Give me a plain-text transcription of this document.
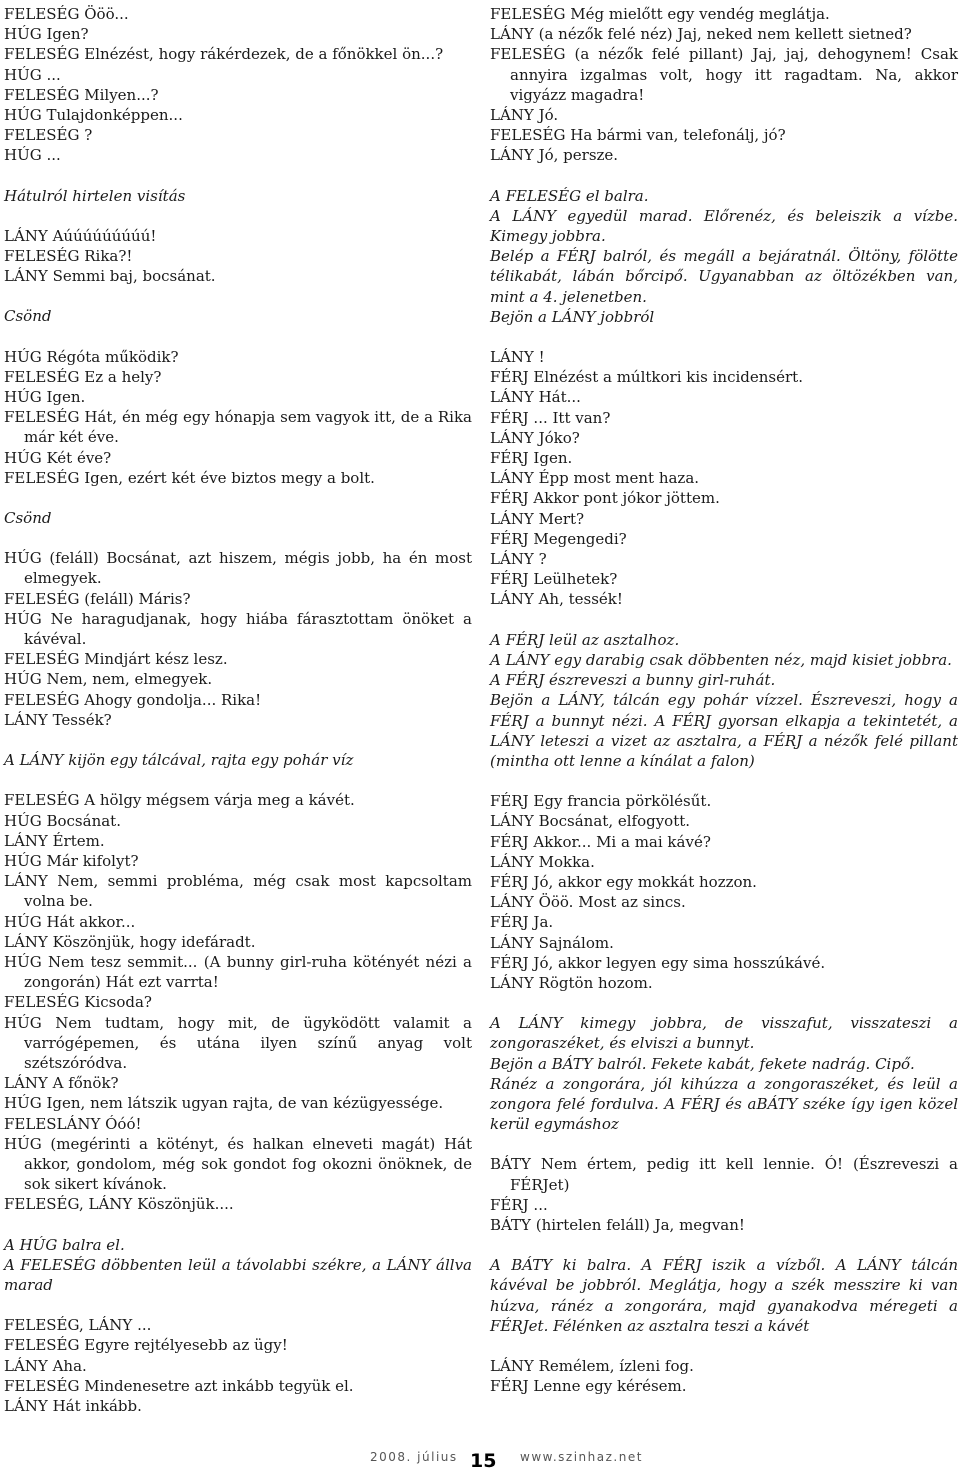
FELESÉG Ööö...

HÚG Igen?

FELESÉG Elnézést, hogy rákérdezek, de a főnökkel ön...?

HÚG ...

FELESÉG Milyen...?

HÚG Tulajdonképpen...

FELESÉG ?

HÚG ...

Hátulról hirtelen visítás

LÁNY Aúúúúúúúúú!

FELESÉG Rika?!

LÁNY Semmi baj, bocsánat.

Csönd

HÚG Régóta működik?

FELESÉG Ez a hely?

HÚG Igen.

FELESÉG Hát, én még egy hónapja sem vagyok itt, de a Rika már két éve.

HÚG Két éve?

FELESÉG Igen, ezért két éve biztos megy a bolt.

Csönd

HÚG (feláll) Bocsánat, azt hiszem, mégis jobb, ha én most elmegyek.

FELESÉG (feláll) Máris?

HÚG Ne haragudjanak, hogy hiába fárasztottam önöket a kávéval.

FELESÉG Mindjárt kész lesz.

HÚG Nem, nem, elmegyek.

FELESÉG Ahogy gondolja... Rika!

LÁNY Tessék?

A LÁNY kijön egy tálcával, rajta egy pohár víz

FELESÉG A hölgy mégsem várja meg a kávét.

HÚG Bocsánat.

LÁNY Értem.

HÚG Már kifolyt?

LÁNY Nem, semmi probléma, még csak most kapcsoltam volna be.

HÚG Hát akkor...

LÁNY Köszönjük, hogy idefáradt.

HÚG Nem tesz semmit... (A bunny girl-ruha kötényét nézi a zongorán) Hát ezt varrta!

FELESÉG Kicsoda?

HÚG Nem tudtam, hogy mit, de ügyködött valamit a varrógépemen, és utána ilyen színű anyag volt szétszóródva.

LÁNY A főnök?

HÚG Igen, nem látszik ugyan rajta, de van kézügyessége.

FELESLÁNY Óóó!

HÚG (megérinti a kötényt, és halkan elneveti magát) Hát akkor, gondolom, még sok gondot fog okozni önöknek, de sok sikert kívánok.

FELESÉG, LÁNY Köszönjük....

A HÚG balra el.

A FELESÉG döbbenten leül a távolabbi székre, a LÁNY állva marad

FELESÉG, LÁNY ...

FELESÉG Egyre rejtélyesebb az ügy!

LÁNY Aha.

FELESÉG Mindenesetre azt inkább tegyük el.

LÁNY Hát inkább.

FELESÉG Még mielőtt egy vendég meglátja.

LÁNY (a nézők felé néz) Jaj, neked nem kellett sietned?

FELESÉG (a nézők felé pillant) Jaj, jaj, dehogynem! Csak annyira izgalmas volt, hogy itt ragadtam. Na, akkor vigyázz magadra!

LÁNY Jó.

FELESÉG Ha bármi van, telefonálj, jó?

LÁNY Jó, persze.

A FELESÉG el balra.

A LÁNY egyedül marad. Előrenéz, és beleiszik a vízbe. Kimegy jobbra.

Belép a FÉRJ balról, és megáll a bejáratnál. Öltöny, fölötte télikabát, lábán bőrcipő. Ugyanabban az öltözékben van, mint a 4. jelenetben.

Bejön a LÁNY jobbról

LÁNY !

FÉRJ Elnézést a múltkori kis incidensért.

LÁNY Hát...

FÉRJ ... Itt van?

LÁNY Jóko?

FÉRJ Igen.

LÁNY Épp most ment haza.

FÉRJ Akkor pont jókor jöttem.

LÁNY Mert?

FÉRJ Megengedi?

LÁNY ?

FÉRJ Leülhetek?

LÁNY Ah, tessék!

A FÉRJ leül az asztalhoz.

A LÁNY egy darabig csak döbbenten néz, majd kisiet jobbra.

A FÉRJ észreveszi a bunny girl-ruhát.

Bejön a LÁNY, tálcán egy pohár vízzel. Észreveszi, hogy a FÉRJ a bunnyt nézi. A FÉRJ gyorsan elkapja a tekintetét, a LÁNY leteszi a vizet az asztalra, a FÉRJ a nézők felé pillant (mintha ott lenne a kínálat a falon)

FÉRJ Egy francia pörkölésűt.

LÁNY Bocsánat, elfogyott.

FÉRJ Akkor... Mi a mai kávé?

LÁNY Mokka.

FÉRJ Jó, akkor egy mokkát hozzon.

LÁNY Ööö. Most az sincs.

FÉRJ Ja.

LÁNY Sajnálom.

FÉRJ Jó, akkor legyen egy sima hosszúkávé.

LÁNY Rögtön hozom.

A LÁNY kimegy jobbra, de visszafut, visszateszi a zongoraszéket, és elviszi a bunnyt.

Bejön a BÁTY balról. Fekete kabát, fekete nadrág. Cipő.

Ránéz a zongorára, jól kihúzza a zongoraszéket, és leül a zongora felé fordulva. A FÉRJ és aBÁTY széke így igen közel kerül egymáshoz

BÁTY Nem értem, pedig itt kell lennie. Ó! (Észreveszi a FÉRJet)

FÉRJ ...

BÁTY (hirtelen feláll) Ja, megvan!

A BÁTY ki balra. A FÉRJ iszik a vízből. A LÁNY tálcán kávéval be jobbról. Meglátja, hogy a szék messzire ki van húzva, ránéz a zongorára, majd gyanakodva méregeti a FÉRJet. Félénken az asztalra teszi a kávét

LÁNY Remélem, ízleni fog.

FÉRJ Lenne egy kérésem.

2008. július 15 www.szinhaz.net
